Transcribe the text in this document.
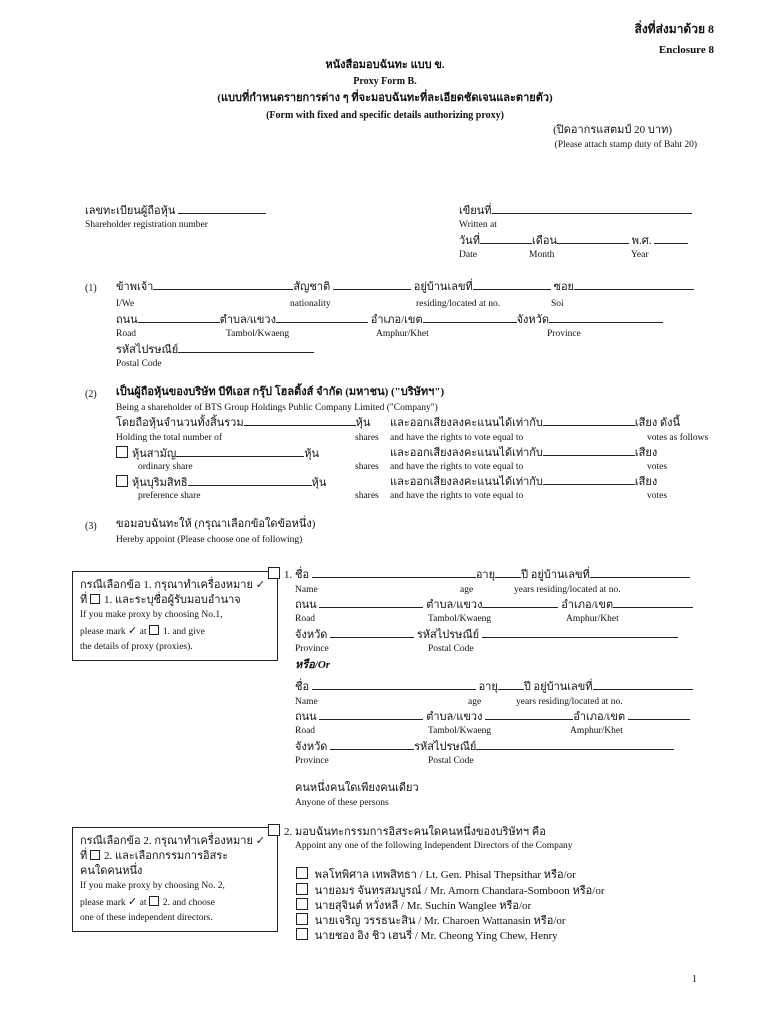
สิ่งที่ส่งมาด้วย 8
Enclosure 8
หนังสือมอบฉันทะ แบบ ข.
Proxy Form B.
(แบบที่กำหนดรายการต่าง ๆ ที่จะมอบฉันทะที่ละเอียดชัดเจนและตายตัว)
(Form with fixed and specific details authorizing proxy)
(ปิดอากรแสตมป์ 20 บาท)
(Please attach stamp duty of Baht 20)
เลขทะเบียนผู้ถือหุ้น
Shareholder registration number
เขียนที่
Written at
วันที่	เดือน	พ.ศ.
Date	Month	Year
(1) ข้าพเจ้า	สัญชาติ	อยู่บ้านเลขที่	ซอย
I/We	nationality	residing/located at no.	Soi
ถนน	ตำบล/แขวง	อำเภอ/เขต	จังหวัด
Road	Tambol/Kwaeng	Amphur/Khet	Province
รหัสไปรษณีย์
Postal Code
(2) เป็นผู้ถือหุ้นของบริษัท บีทีเอส กรุ๊ป โฮลดิ้งส์ จำกัด (มหาชน) ("บริษัทฯ")
Being a shareholder of BTS Group Holdings Public Company Limited ("Company")
โดยถือหุ้นจำนวนทั้งสิ้นรวม	หุ้น และออกเสียงลงคะแนนได้เท่ากับ	เสียง ดังนี้
Holding the total number of	shares and have the rights to vote equal to	votes as follows
หุ้นสามัญ	หุ้น	และออกเสียงลงคะแนนได้เท่ากับ	เสียง
ordinary share	shares and have the rights to vote equal to	votes
หุ้นบุริมสิทธิ	หุ้น	และออกเสียงลงคะแนนได้เท่ากับ	เสียง
preference share	shares and have the rights to vote equal to	votes
(3) ขอมอบฉันทะให้ (กรุณาเลือกข้อใดข้อหนึ่ง)
Hereby appoint (Please choose one of following)
กรณีเลือกข้อ 1. กรุณาทำเครื่องหมาย ✓
ที่ 1. และระบุชื่อผู้รับมอบอำนาจ
If you make proxy by choosing No.1,
please mark ✓ at 1. and give
the details of proxy (proxies).
1. ชื่อ	อายุ ปี อยู่บ้านเลขที่
Name	age	years residing/located at no.
ถนน	ตำบล/แขวง	อำเภอ/เขต
Road	Tambol/Kwaeng	Amphur/Khet
จังหวัด	รหัสไปรษณีย์
Province	Postal Code
หรือ/Or
ชื่อ	อายุ ปี อยู่บ้านเลขที่
Name	age	years residing/located at no.
ถนน	ตำบล/แขวง	อำเภอ/เขต
Road	Tambol/Kwaeng	Amphur/Khet
จังหวัด	รหัสไปรษณีย์
Province	Postal Code
คนหนึ่งคนใดเพียงคนเดียว
Anyone of these persons
กรณีเลือกข้อ 2. กรุณาทำเครื่องหมาย ✓
ที่ 2. และเลือกกรรมการอิสระ
คนใดคนหนึ่ง
If you make proxy by choosing No. 2,
please mark ✓ at 2. and choose
one of these independent directors.
2. มอบฉันทะกรรมการอิสระคนใดคนหนึ่งของบริษัทฯ คือ
Appoint any one of the following Independent Directors of the Company
พลโทพิศาล เทพสิทธา / Lt. Gen. Phisal Thepsithar หรือ/or
นายอมร จันทรสมบูรณ์ / Mr. Amorn Chandara-Somboon หรือ/or
นายสุจินต์ หวั่งหลี / Mr. Suchin Wanglee หรือ/or
นายเจริญ วรรธนะสิน / Mr. Charoen Wattanasin หรือ/or
นายชอง อิง ชิว เฮนรี่ / Mr. Cheong Ying Chew, Henry
1
